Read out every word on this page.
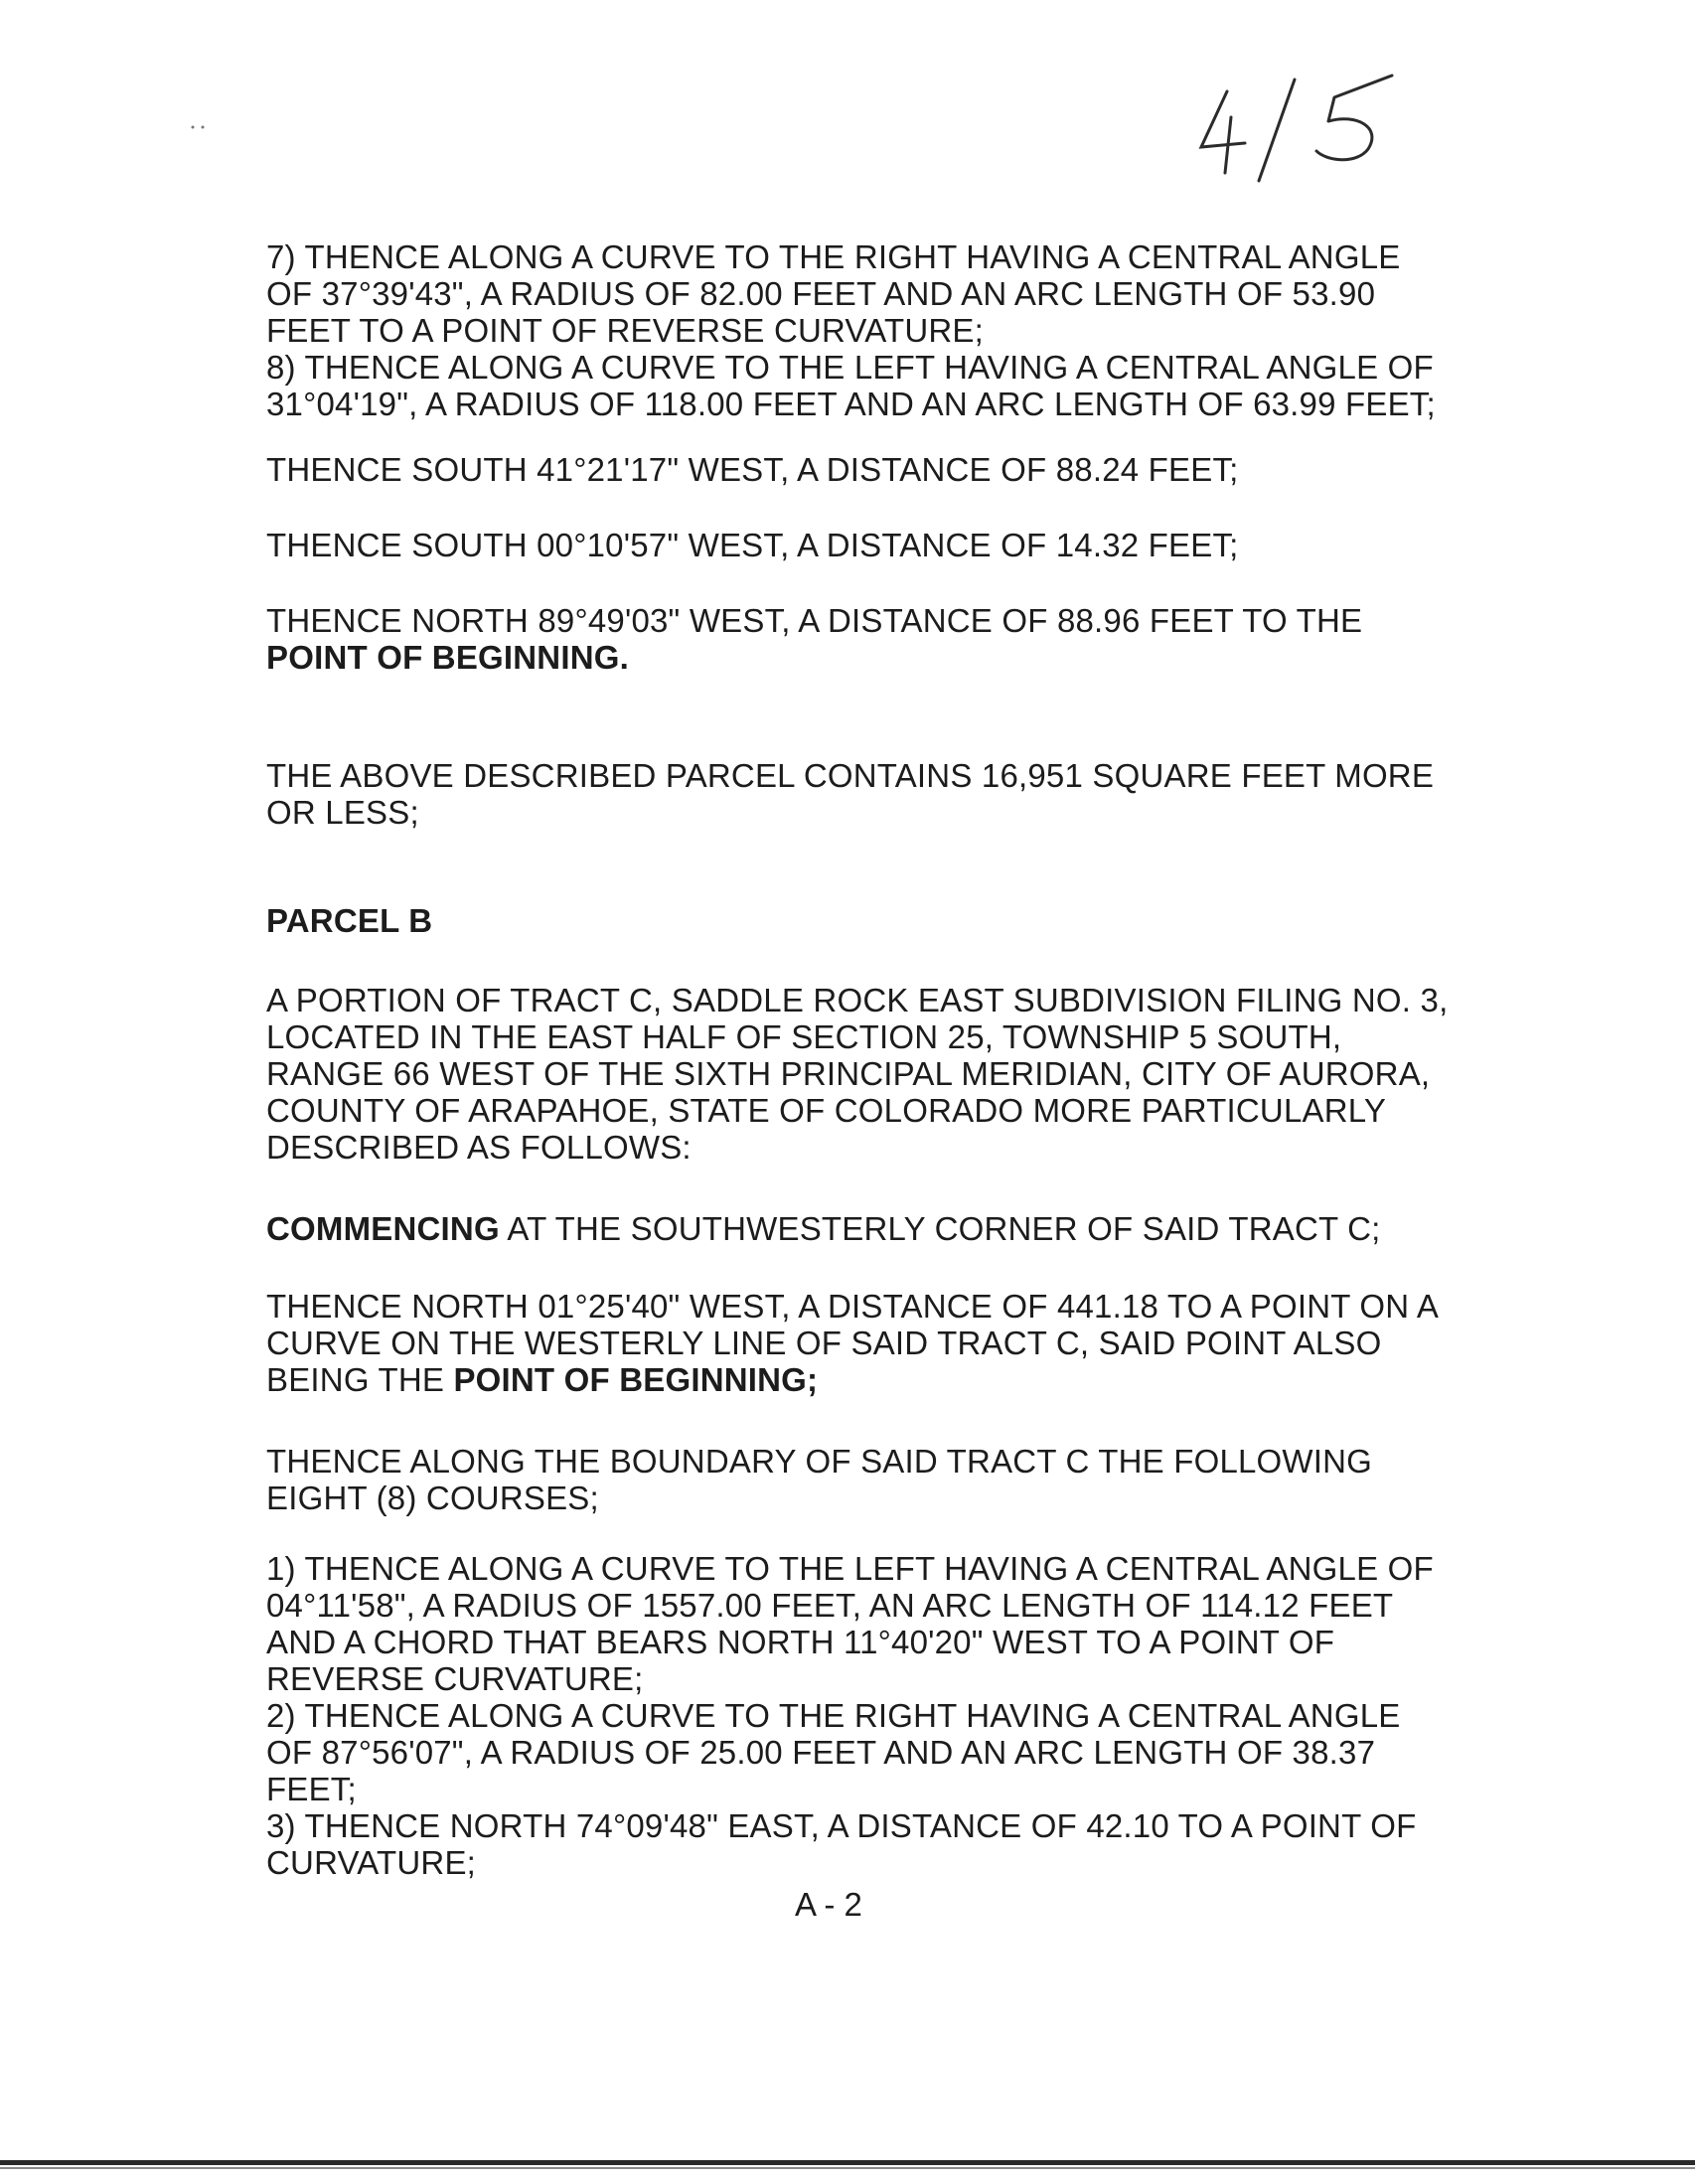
7) THENCE ALONG A CURVE TO THE RIGHT HAVING A CENTRAL ANGLE

OF 37°39'43", A RADIUS OF 82.00 FEET AND AN ARC LENGTH OF 53.90

FEET TO A POINT OF REVERSE CURVATURE;

8) THENCE ALONG A CURVE TO THE LEFT HAVING A CENTRAL ANGLE OF

31°04'19", A RADIUS OF 118.00 FEET AND AN ARC LENGTH OF 63.99 FEET;

THENCE SOUTH 41°21'17" WEST, A DISTANCE OF 88.24 FEET;

THENCE SOUTH 00°10'57" WEST, A DISTANCE OF 14.32 FEET;

THENCE NORTH 89°49'03" WEST, A DISTANCE OF 88.96 FEET TO THE

POINT OF BEGINNING.

THE ABOVE DESCRIBED PARCEL CONTAINS 16,951 SQUARE FEET MORE

OR LESS;

PARCEL B

A PORTION OF TRACT C, SADDLE ROCK EAST SUBDIVISION FILING NO. 3,

LOCATED IN THE EAST HALF OF SECTION 25, TOWNSHIP 5 SOUTH,

RANGE 66 WEST OF THE SIXTH PRINCIPAL MERIDIAN, CITY OF AURORA,

COUNTY OF ARAPAHOE, STATE OF COLORADO MORE PARTICULARLY

DESCRIBED AS FOLLOWS:

COMMENCING AT THE SOUTHWESTERLY CORNER OF SAID TRACT C;

THENCE NORTH 01°25'40" WEST, A DISTANCE OF 441.18 TO A POINT ON A

CURVE ON THE WESTERLY LINE OF SAID TRACT C, SAID POINT ALSO

BEING THE POINT OF BEGINNING;

THENCE ALONG THE BOUNDARY OF SAID TRACT C THE FOLLOWING

EIGHT (8) COURSES;

1) THENCE ALONG A CURVE TO THE LEFT HAVING A CENTRAL ANGLE OF

04°11'58", A RADIUS OF 1557.00 FEET, AN ARC LENGTH OF 114.12 FEET

AND A CHORD THAT BEARS NORTH 11°40'20" WEST TO A POINT OF

REVERSE CURVATURE;

2) THENCE ALONG A CURVE TO THE RIGHT HAVING A CENTRAL ANGLE

OF 87°56'07", A RADIUS OF 25.00 FEET AND AN ARC LENGTH OF 38.37

FEET;

3) THENCE NORTH 74°09'48" EAST, A DISTANCE OF 42.10 TO A POINT OF

CURVATURE;

A - 2
